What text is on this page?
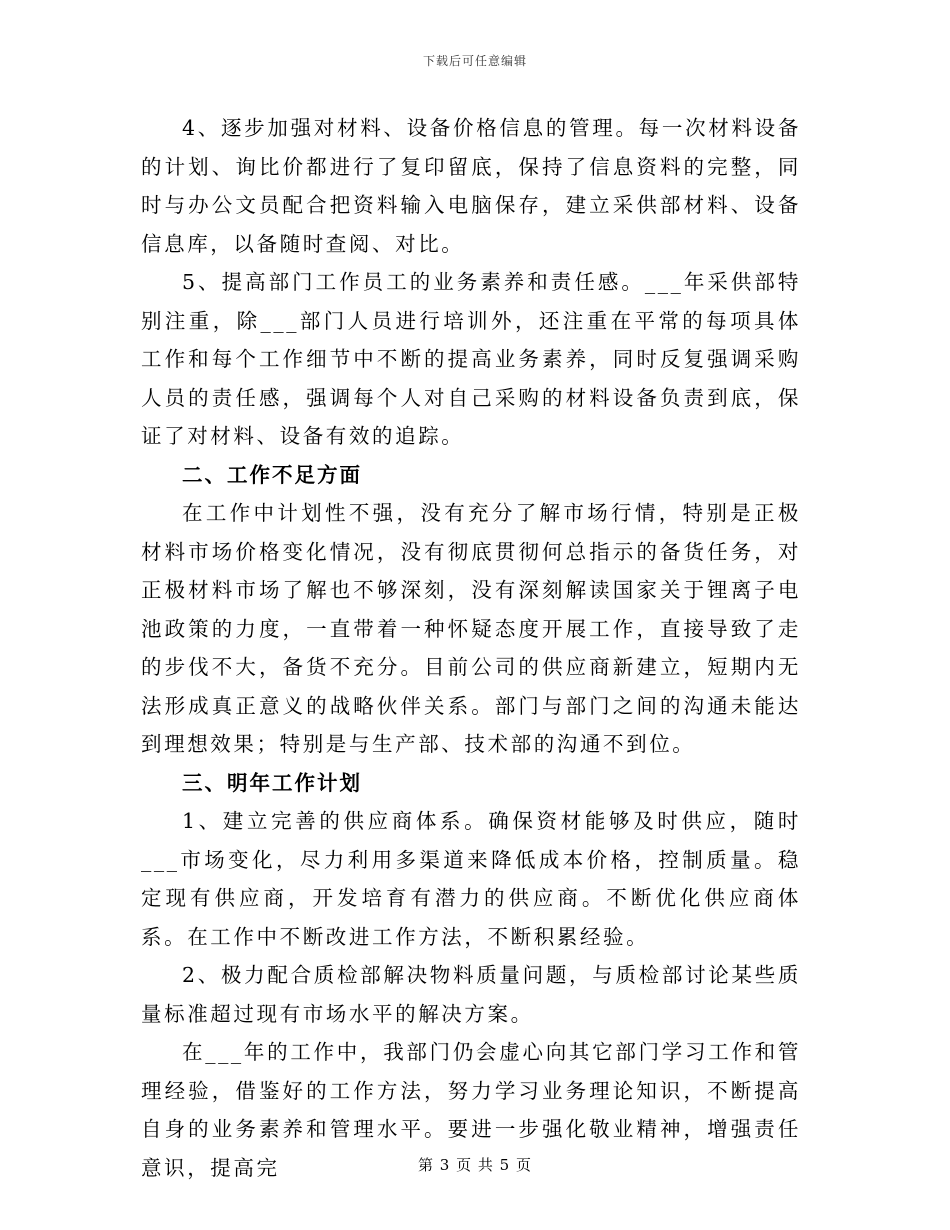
下载后可任意编辑

4、逐步加强对材料、设备价格信息的管理。每一次材料设备的计划、询比价都进行了复印留底，保持了信息资料的完整，同时与办公文员配合把资料输入电脑保存，建立采供部材料、设备信息库，以备随时查阅、对比。

5、提高部门工作员工的业务素养和责任感。___年采供部特别注重，除___部门人员进行培训外，还注重在平常的每项具体工作和每个工作细节中不断的提高业务素养，同时反复强调采购人员的责任感，强调每个人对自己采购的材料设备负责到底，保证了对材料、设备有效的追踪。

二、工作不足方面

在工作中计划性不强，没有充分了解市场行情，特别是正极材料市场价格变化情况，没有彻底贯彻何总指示的备货任务，对正极材料市场了解也不够深刻，没有深刻解读国家关于锂离子电池政策的力度，一直带着一种怀疑态度开展工作，直接导致了走的步伐不大，备货不充分。目前公司的供应商新建立，短期内无法形成真正意义的战略伙伴关系。部门与部门之间的沟通未能达到理想效果；特别是与生产部、技术部的沟通不到位。

三、明年工作计划

1、建立完善的供应商体系。确保资材能够及时供应，随时___市场变化，尽力利用多渠道来降低成本价格，控制质量。稳定现有供应商，开发培育有潜力的供应商。不断优化供应商体系。在工作中不断改进工作方法，不断积累经验。

2、极力配合质检部解决物料质量问题，与质检部讨论某些质量标准超过现有市场水平的解决方案。

在___年的工作中，我部门仍会虚心向其它部门学习工作和管理经验，借鉴好的工作方法，努力学习业务理论知识，不断提高自身的业务素养和管理水平。要进一步强化敬业精神，增强责任意识，提高完	第 3 页 共 5 页
